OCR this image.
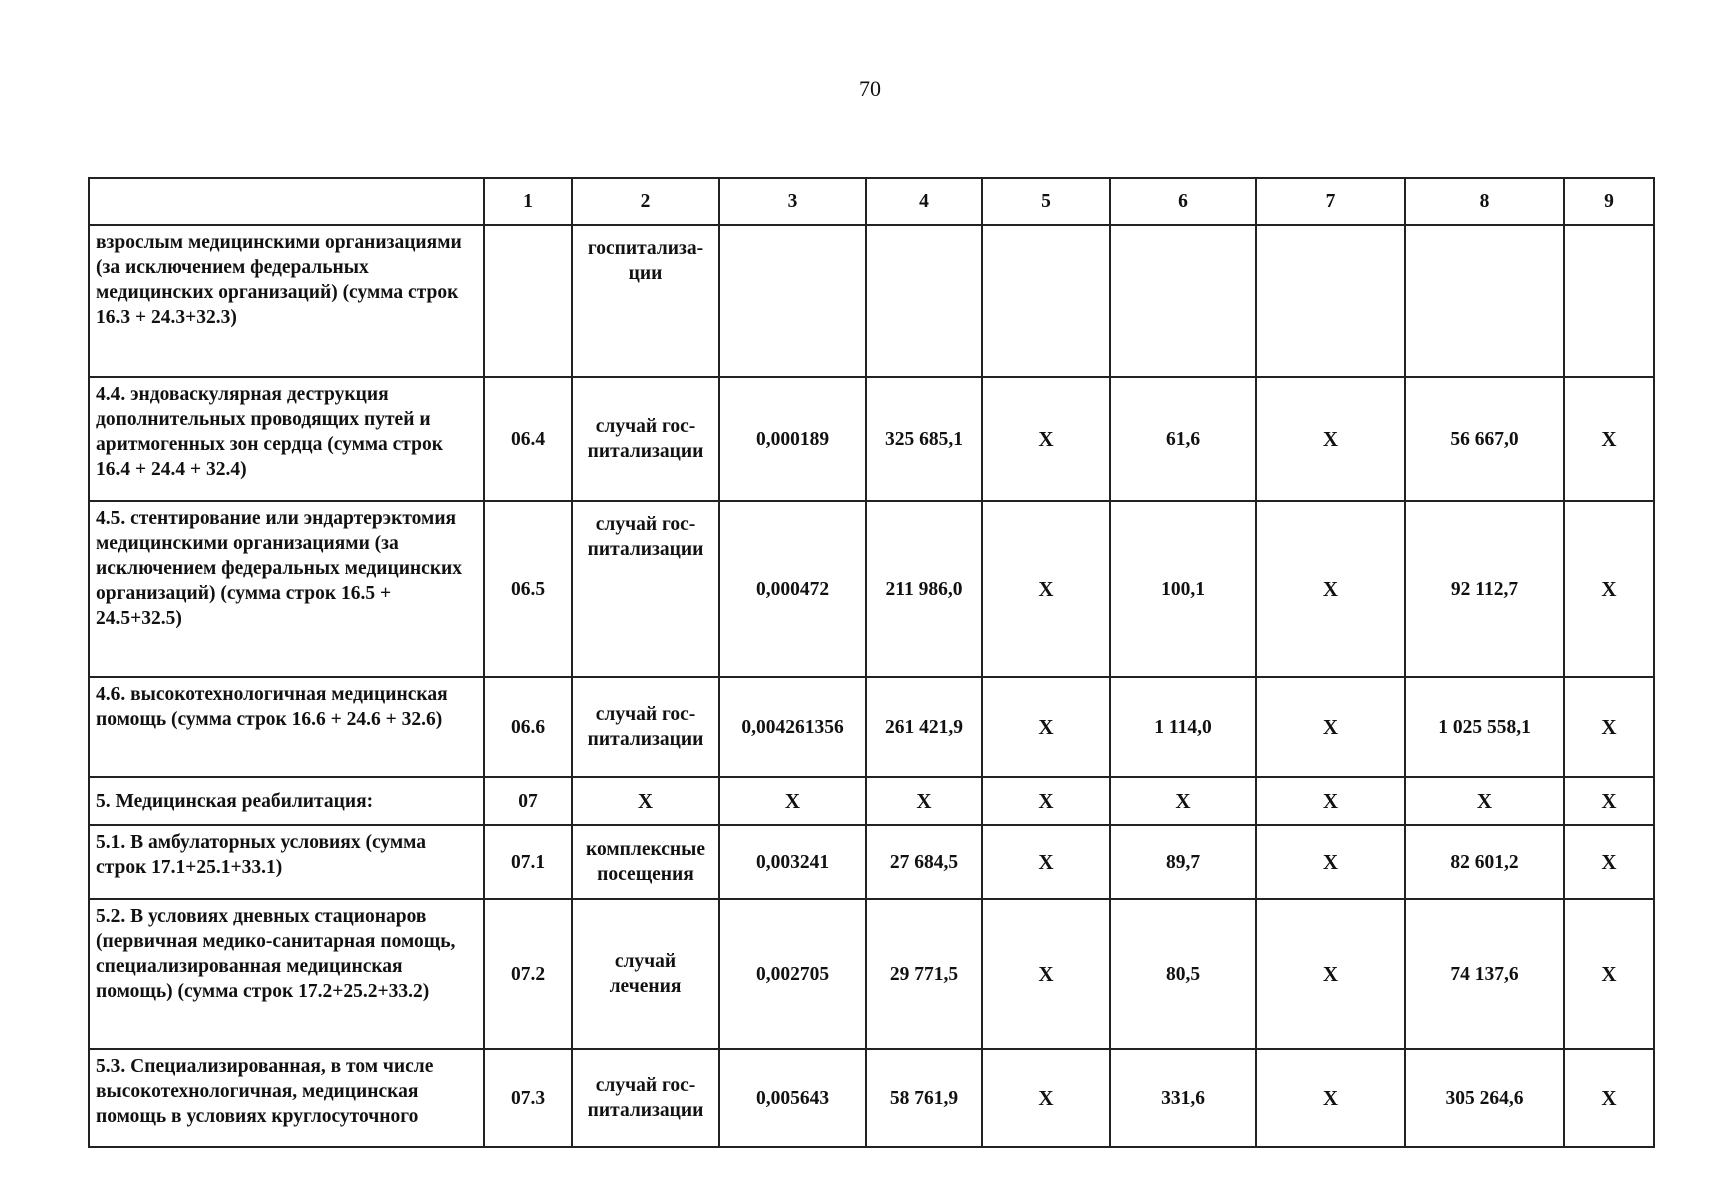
70
	1	2	3	4	5	6	7	8	9
взрослым медицинскими организациями (за исключением федеральных медицинских организаций) (сумма строк 16.3 + 24.3+32.3)		госпитализа-ции							
4.4. эндоваскулярная деструкция дополнительных проводящих путей и аритмогенных зон сердца (сумма строк 16.4 + 24.4 + 32.4)	06.4	случай гос-питализации	0,000189	325 685,1	X	61,6	X	56 667,0	X
4.5. стентирование или эндартерэктомия медицинскими организациями (за исключением федеральных медицинских организаций) (сумма строк 16.5 + 24.5+32.5)	06.5	случай гос-питализации	0,000472	211 986,0	X	100,1	X	92 112,7	X
4.6. высокотехнологичная медицинская помощь (сумма строк 16.6 + 24.6 + 32.6)	06.6	случай гос-питализации	0,004261356	261 421,9	X	1 114,0	X	1 025 558,1	X
5. Медицинская реабилитация:	07	X	X	X	X	X	X	X	X
5.1. В амбулаторных условиях (сумма строк 17.1+25.1+33.1)	07.1	комплексные посещения	0,003241	27 684,5	X	89,7	X	82 601,2	X
5.2. В условиях дневных стационаров (первичная медико-санитарная помощь, специализированная медицинская помощь) (сумма строк 17.2+25.2+33.2)	07.2	случай лечения	0,002705	29 771,5	X	80,5	X	74 137,6	X
5.3. Специализированная, в том числе высокотехнологичная, медицинская помощь в условиях круглосуточного	07.3	случай гос-питализации	0,005643	58 761,9	X	331,6	X	305 264,6	X
